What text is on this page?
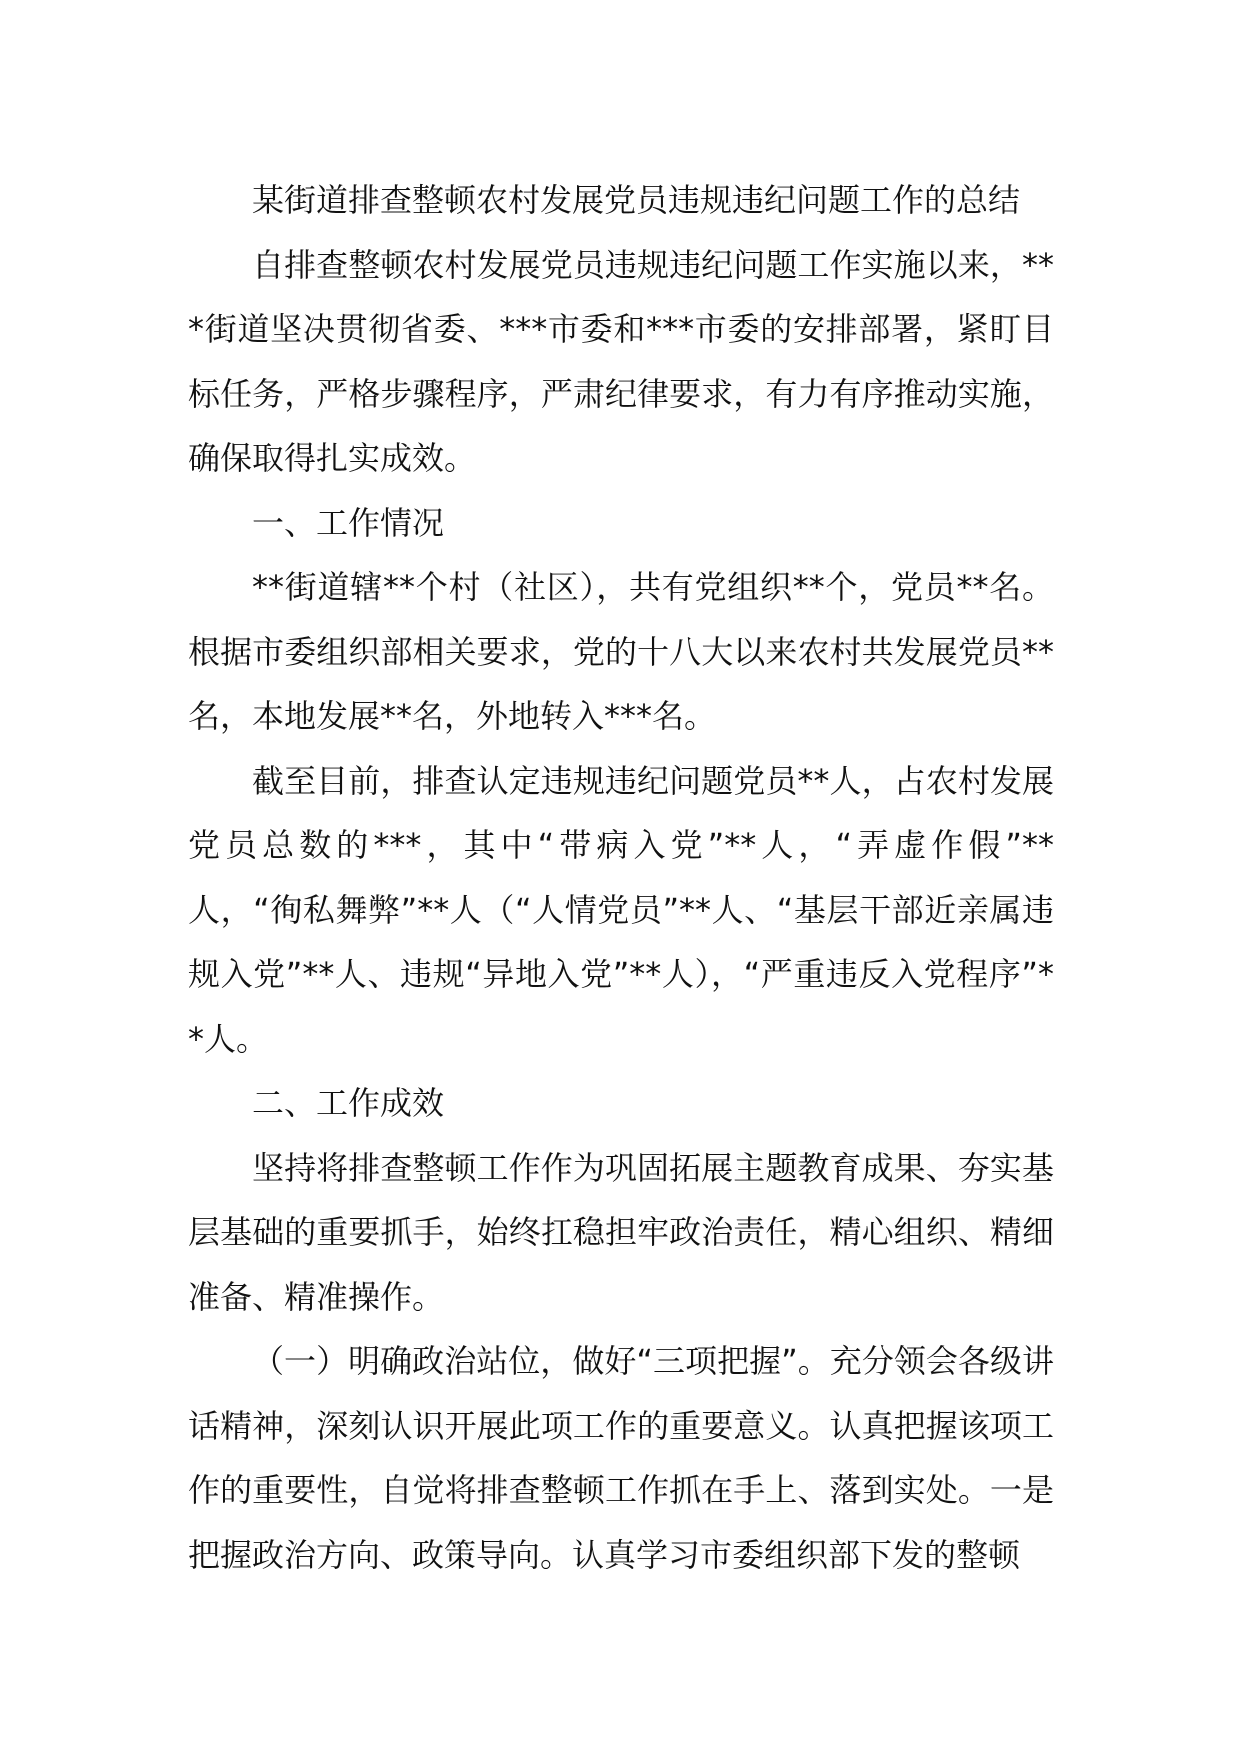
某街道排查整顿农村发展党员违规违纪问题工作的总结

自排查整顿农村发展党员违规违纪问题工作实施以来，***街道坚决贯彻省委、***市委和***市委的安排部署，紧盯目标任务，严格步骤程序，严肃纪律要求，有力有序推动实施，确保取得扎实成效。

一、工作情况

**街道辖**个村（社区），共有党组织**个，党员**名。根据市委组织部相关要求，党的十八大以来农村共发展党员**名，本地发展**名，外地转入***名。

截至目前，排查认定违规违纪问题党员**人，占农村发展党员总数的***，其中“带病入党”**人，“弄虚作假”**人，“徇私舞弊”**人（“人情党员”**人、“基层干部近亲属违规入党”**人、违规“异地入党”**人），“严重违反入党程序”**人。

二、工作成效

坚持将排查整顿工作作为巩固拓展主题教育成果、夯实基层基础的重要抓手，始终扛稳担牢政治责任，精心组织、精细准备、精准操作。

（一）明确政治站位，做好“三项把握”。充分领会各级讲话精神，深刻认识开展此项工作的重要意义。认真把握该项工作的重要性，自觉将排查整顿工作抓在手上、落到实处。一是把握政治方向、政策导向。认真学习市委组织部下发的整顿
